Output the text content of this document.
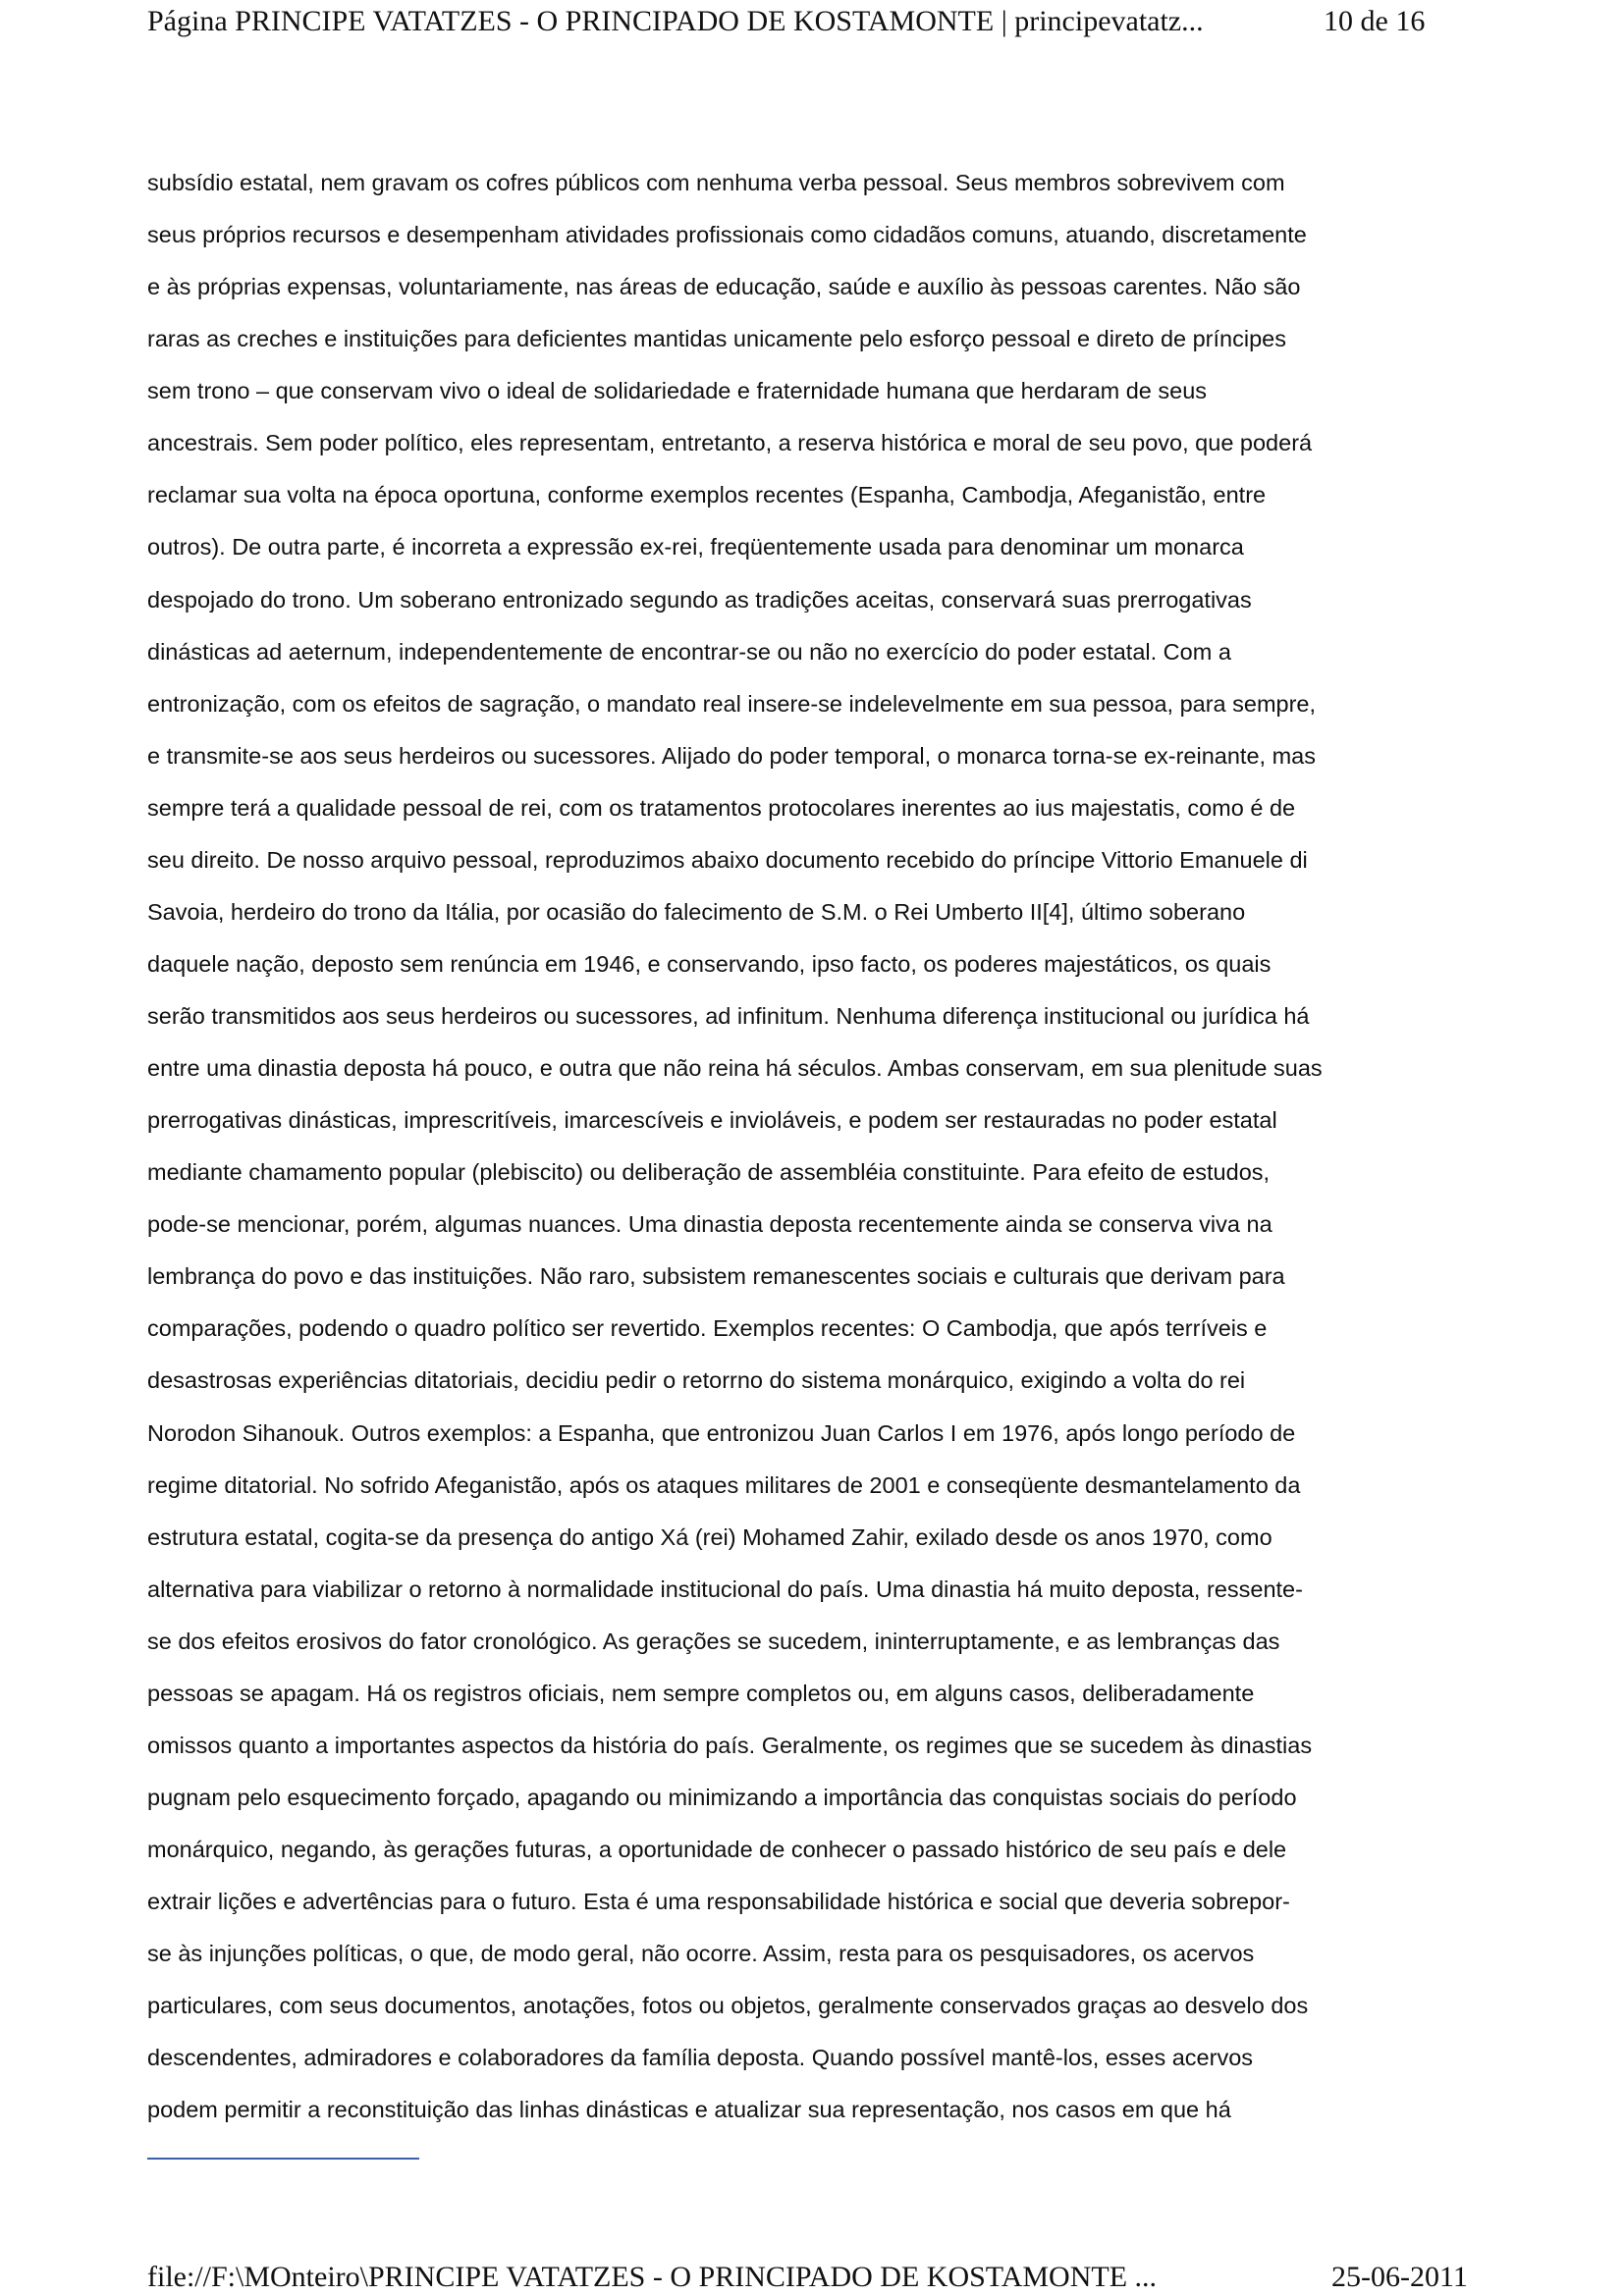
Página PRINCIPE VATATZES - O PRINCIPADO DE KOSTAMONTE | principevatatz...	10 de 16
subsídio estatal, nem gravam os cofres públicos com nenhuma verba pessoal. Seus membros sobrevivem com
seus próprios recursos e desempenham atividades profissionais como cidadãos comuns, atuando, discretamente
e às próprias expensas, voluntariamente, nas áreas de educação, saúde e auxílio às pessoas carentes. Não são
raras as creches e instituições para deficientes mantidas unicamente pelo esforço pessoal e direto de príncipes
sem trono – que conservam vivo o ideal de solidariedade e fraternidade humana que herdaram de seus
ancestrais. Sem poder político, eles representam, entretanto, a reserva histórica e moral de seu povo, que poderá
reclamar sua volta na época oportuna, conforme exemplos recentes (Espanha, Cambodja, Afeganistão, entre
outros). De outra parte, é incorreta a expressão ex-rei, freqüentemente usada para denominar um monarca
despojado do trono. Um soberano entronizado segundo as tradições aceitas, conservará suas prerrogativas
dinásticas ad aeternum, independentemente de encontrar-se ou não no exercício do poder estatal. Com a
entronização, com os efeitos de sagração, o mandato real insere-se indelevelmente em sua pessoa, para sempre,
e transmite-se aos seus herdeiros ou sucessores. Alijado do poder temporal, o monarca torna-se ex-reinante, mas
sempre terá a qualidade pessoal de rei, com os tratamentos protocolares inerentes ao ius majestatis, como é de
seu direito. De nosso arquivo pessoal, reproduzimos abaixo documento recebido do príncipe Vittorio Emanuele di
Savoia, herdeiro do trono da Itália, por ocasião do falecimento de S.M. o Rei Umberto II[4], último soberano
daquele nação, deposto sem renúncia em 1946, e conservando, ipso facto, os poderes majestáticos, os quais
serão transmitidos aos seus herdeiros ou sucessores, ad infinitum. Nenhuma diferença institucional ou jurídica há
entre uma dinastia deposta há pouco, e outra que não reina há séculos. Ambas conservam, em sua plenitude suas
prerrogativas dinásticas, imprescritíveis, imarcescíveis e invioláveis, e podem ser restauradas no poder estatal
mediante chamamento popular (plebiscito) ou deliberação de assembléia constituinte. Para efeito de estudos,
pode-se mencionar, porém, algumas nuances. Uma dinastia deposta recentemente ainda se conserva viva na
lembrança do povo e das instituições. Não raro, subsistem remanescentes sociais e culturais que derivam para
comparações, podendo o quadro político ser revertido. Exemplos recentes: O Cambodja, que após terríveis e
desastrosas experiências ditatoriais, decidiu pedir o retorrno do sistema monárquico, exigindo a volta do rei
Norodon Sihanouk. Outros exemplos: a Espanha, que entronizou Juan Carlos I em 1976, após longo período de
regime ditatorial. No sofrido Afeganistão, após os ataques militares de 2001 e conseqüente desmantelamento da
estrutura estatal, cogita-se da presença do antigo Xá (rei) Mohamed Zahir, exilado desde os anos 1970, como
alternativa para viabilizar o retorno à normalidade institucional do país. Uma dinastia há muito deposta, ressente-
se dos efeitos erosivos do fator cronológico. As gerações se sucedem, ininterruptamente, e as lembranças das
pessoas se apagam. Há os registros oficiais, nem sempre completos ou, em alguns casos, deliberadamente
omissos quanto a importantes aspectos da história do país. Geralmente, os regimes que se sucedem às dinastias
pugnam pelo esquecimento forçado, apagando ou minimizando a importância das conquistas sociais do período
monárquico, negando, às gerações futuras, a oportunidade de conhecer o passado histórico de seu país e dele
extrair lições e advertências para o futuro. Esta é uma responsabilidade histórica e social que deveria sobrepor-
se às injunções políticas, o que, de modo geral, não ocorre. Assim, resta para os pesquisadores, os acervos
particulares, com seus documentos, anotações, fotos ou objetos, geralmente conservados graças ao desvelo dos
descendentes, admiradores e colaboradores da família deposta. Quando possível mantê-los, esses acervos
podem permitir a reconstituição das linhas dinásticas e atualizar sua representação, nos casos em que há
file://F:\MOnteiro\PRINCIPE VATATZES - O PRINCIPADO DE KOSTAMONTE ...	25-06-2011
